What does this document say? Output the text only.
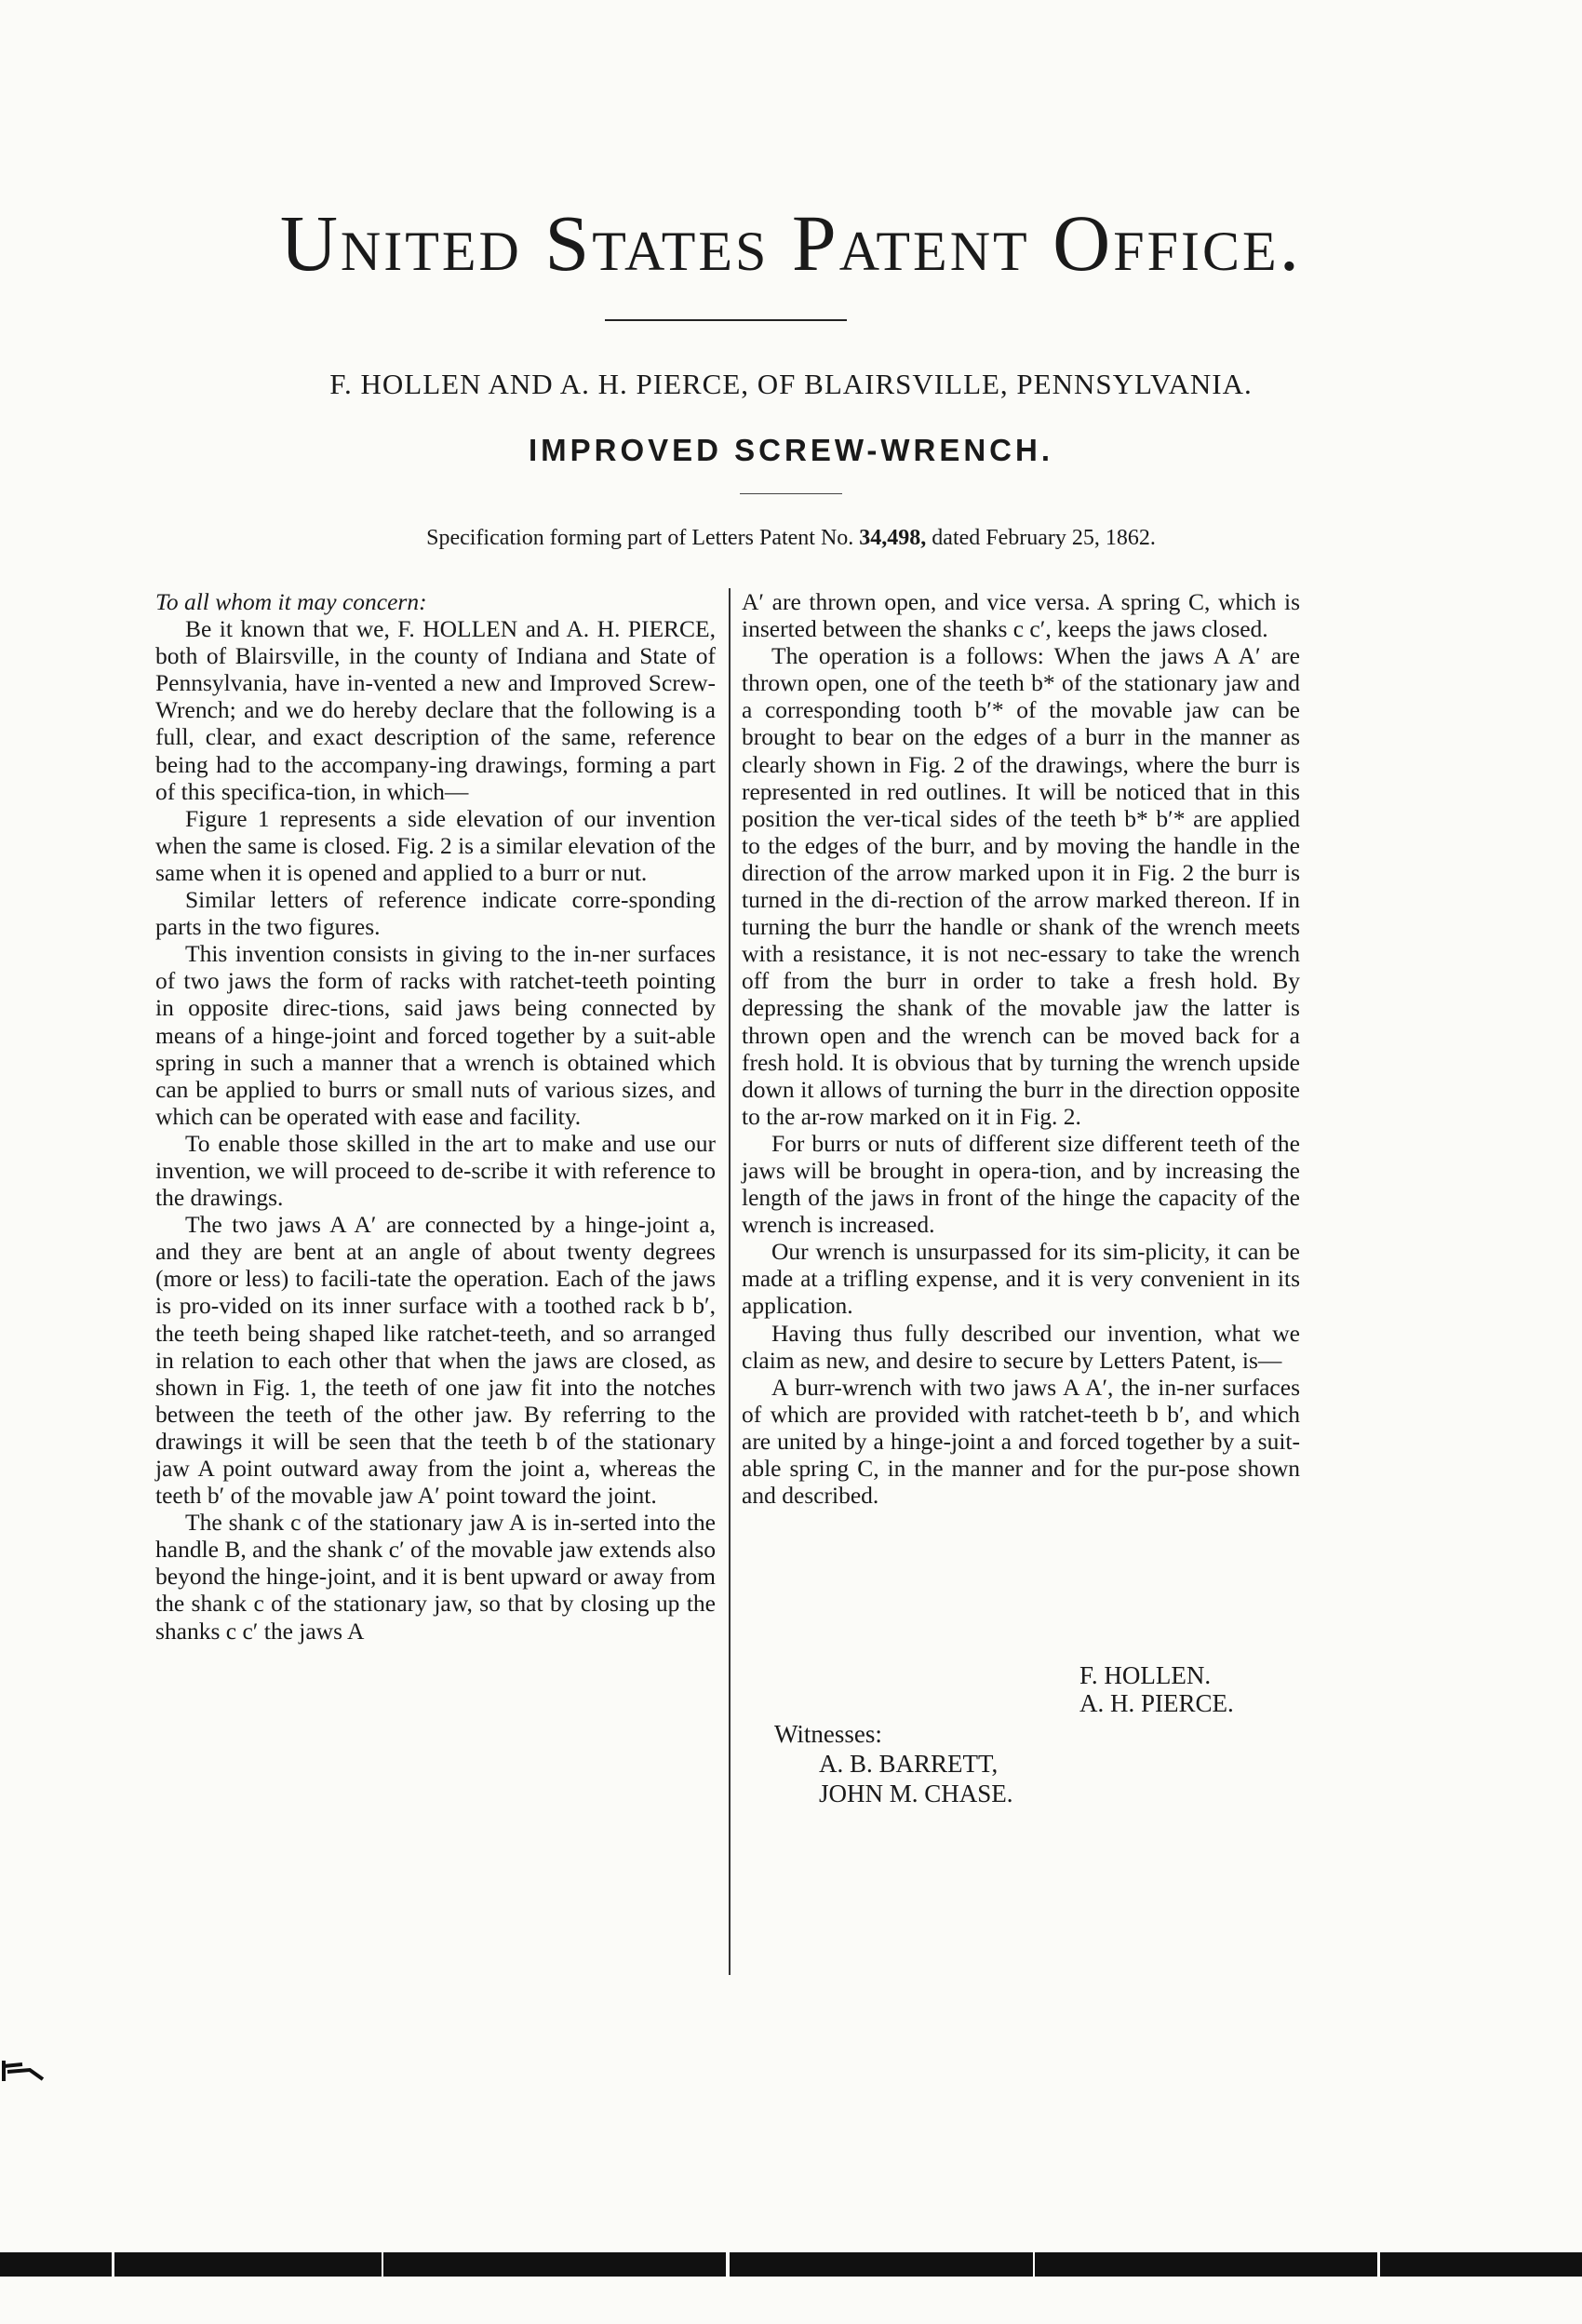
United States Patent Office.
F. HOLLEN AND A. H. PIERCE, OF BLAIRSVILLE, PENNSYLVANIA.
IMPROVED SCREW-WRENCH.
Specification forming part of Letters Patent No. 34,498, dated February 25, 1862.

To all whom it may concern:

Be it known that we, F. HOLLEN and A. H. PIERCE, both of Blairsville, in the county of Indiana and State of Pennsylvania, have in-vented a new and Improved Screw-Wrench; and we do hereby declare that the following is a full, clear, and exact description of the same, reference being had to the accompany-ing drawings, forming a part of this specifica-tion, in which—

Figure 1 represents a side elevation of our invention when the same is closed. Fig. 2 is a similar elevation of the same when it is opened and applied to a burr or nut.

Similar letters of reference indicate corre-sponding parts in the two figures.

This invention consists in giving to the in-ner surfaces of two jaws the form of racks with ratchet-teeth pointing in opposite direc-tions, said jaws being connected by means of a hinge-joint and forced together by a suit-able spring in such a manner that a wrench is obtained which can be applied to burrs or small nuts of various sizes, and which can be operated with ease and facility.

To enable those skilled in the art to make and use our invention, we will proceed to de-scribe it with reference to the drawings.

The two jaws A A′ are connected by a hinge-joint a, and they are bent at an angle of about twenty degrees (more or less) to facili-tate the operation. Each of the jaws is pro-vided on its inner surface with a toothed rack b b′, the teeth being shaped like ratchet-teeth, and so arranged in relation to each other that when the jaws are closed, as shown in Fig. 1, the teeth of one jaw fit into the notches between the teeth of the other jaw. By referring to the drawings it will be seen that the teeth b of the stationary jaw A point outward away from the joint a, whereas the teeth b′ of the movable jaw A′ point toward the joint.

The shank c of the stationary jaw A is in-serted into the handle B, and the shank c′ of the movable jaw extends also beyond the hinge-joint, and it is bent upward or away from the shank c of the stationary jaw, so that by closing up the shanks c c′ the jaws A

A′ are thrown open, and vice versa. A spring C, which is inserted between the shanks c c′, keeps the jaws closed.

The operation is a follows: When the jaws A A′ are thrown open, one of the teeth b* of the stationary jaw and a corresponding tooth b′* of the movable jaw can be brought to bear on the edges of a burr in the manner as clearly shown in Fig. 2 of the drawings, where the burr is represented in red outlines. It will be noticed that in this position the ver-tical sides of the teeth b* b′* are applied to the edges of the burr, and by moving the handle in the direction of the arrow marked upon it in Fig. 2 the burr is turned in the di-rection of the arrow marked thereon. If in turning the burr the handle or shank of the wrench meets with a resistance, it is not nec-essary to take the wrench off from the burr in order to take a fresh hold. By depressing the shank of the movable jaw the latter is thrown open and the wrench can be moved back for a fresh hold. It is obvious that by turning the wrench upside down it allows of turning the burr in the direction opposite to the ar-row marked on it in Fig. 2.

For burrs or nuts of different size different teeth of the jaws will be brought in opera-tion, and by increasing the length of the jaws in front of the hinge the capacity of the wrench is increased.

Our wrench is unsurpassed for its sim-plicity, it can be made at a trifling expense, and it is very convenient in its application.

Having thus fully described our invention, what we claim as new, and desire to secure by Letters Patent, is—

A burr-wrench with two jaws A A′, the in-ner surfaces of which are provided with ratchet-teeth b b′, and which are united by a hinge-joint a and forced together by a suit-able spring C, in the manner and for the pur-pose shown and described.

F. HOLLEN.
A. H. PIERCE.
Witnesses:
A. B. BARRETT,
JOHN M. CHASE.
